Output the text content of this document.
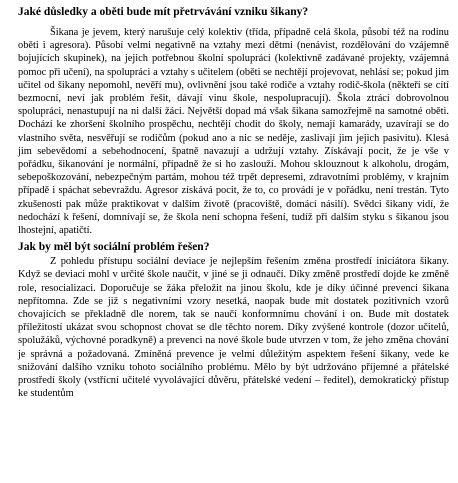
Jaké důsledky a oběti bude mít přetrvávání vzniku šikany?

Šikana je jevem, který narušuje celý kolektiv (třída, případně celá škola, působí též na rodinu oběti i agresora). Působí velmi negativně na vztahy mezi dětmi (nenávist, rozdělování do vzájemně bojujících skupinek), na jejich potřebnou školní spolupráci (kolektivně zadávané projekty, vzájemná pomoc při učení), na spolupráci a vztahy s učitelem (oběti se nechtějí projevovat, nehlásí se; pokud jim učitel od šikany nepomohl, nevěří mu), ovlivnění jsou také rodiče a vztahy rodič-škola (někteří se cítí bezmocní, neví jak problém řešit, dávají vinu škole, nespolupracují). Škola ztrácí dobrovolnou spolupráci, nenastupují na ni další žáci. Největší dopad má však šikana samozřejmě na samotné oběti. Dochází ke zhoršení školního prospěchu, nechtějí chodit do školy, nemají kamarády, uzavírají se do vlastního světa, nesvěřují se rodičům (pokud ano a nic se neděje, zaslivají jim jejich pasivitu). Klesá jim sebevědomí a sebehodnocení, špatně navazují a udržují vztahy. Získávají pocit, že je vše v pořádku, šikanování je normální, případně že si ho zaslouží. Mohou sklouznout k alkoholu, drogám, sebepoškozování, nebezpečným partám, mohou též trpět depresemi, zdravotními problémy, v krajním případě i spáchat sebevraždu. Agresor získává pocit, že to, co provádí je v pořádku, není trestán. Tyto zkušenosti pak může praktikovat v dalším životě (pracoviště, domácí násilí). Svědci šikany vidí, že nedochází k řešení, domnívají se, že škola není schopna řešení, tudíž při dalším styku s šikanou jsou lhostejní, apatičtí.

Jak by měl být sociální problém řešen?

Z pohledu přístupu sociální deviace je nejlepším řešením změna prostředí iniciátora šikany. Když se deviaci mohl v určité škole naučit, v jiné se ji odnaučí. Díky změně prostředí dojde ke změně role, resocializaci. Doporučuje se žáka přeložit na jinou školu, kde je díky účinné prevenci šikana nepřítomna. Zde se již s negativními vzory nesetká, naopak bude mít dostatek pozitivních vzorů chovajících se překladně dle norem, tak se naučí konformnímu chování i on. Bude mít dostatek příležitostí ukázat svou schopnost chovat se dle těchto norem. Díky zvýšené kontrole (dozor učitelů, spolužáků, výchovné poradkyně) a prevenci na nové škole bude utvrzen v tom, že jeho změna chování je správná a požadovaná. Zmíněná prevence je velmi důležitým aspektem řešení šikany, vede ke snižování dalšího vzniku tohoto sociálního problému. Mělo by být udržováno příjemné a přátelské prostředí školy (vstřícní učitelé vyvolávající důvěru, přátelské vedení – ředitel), demokratický přístup ke studentům
